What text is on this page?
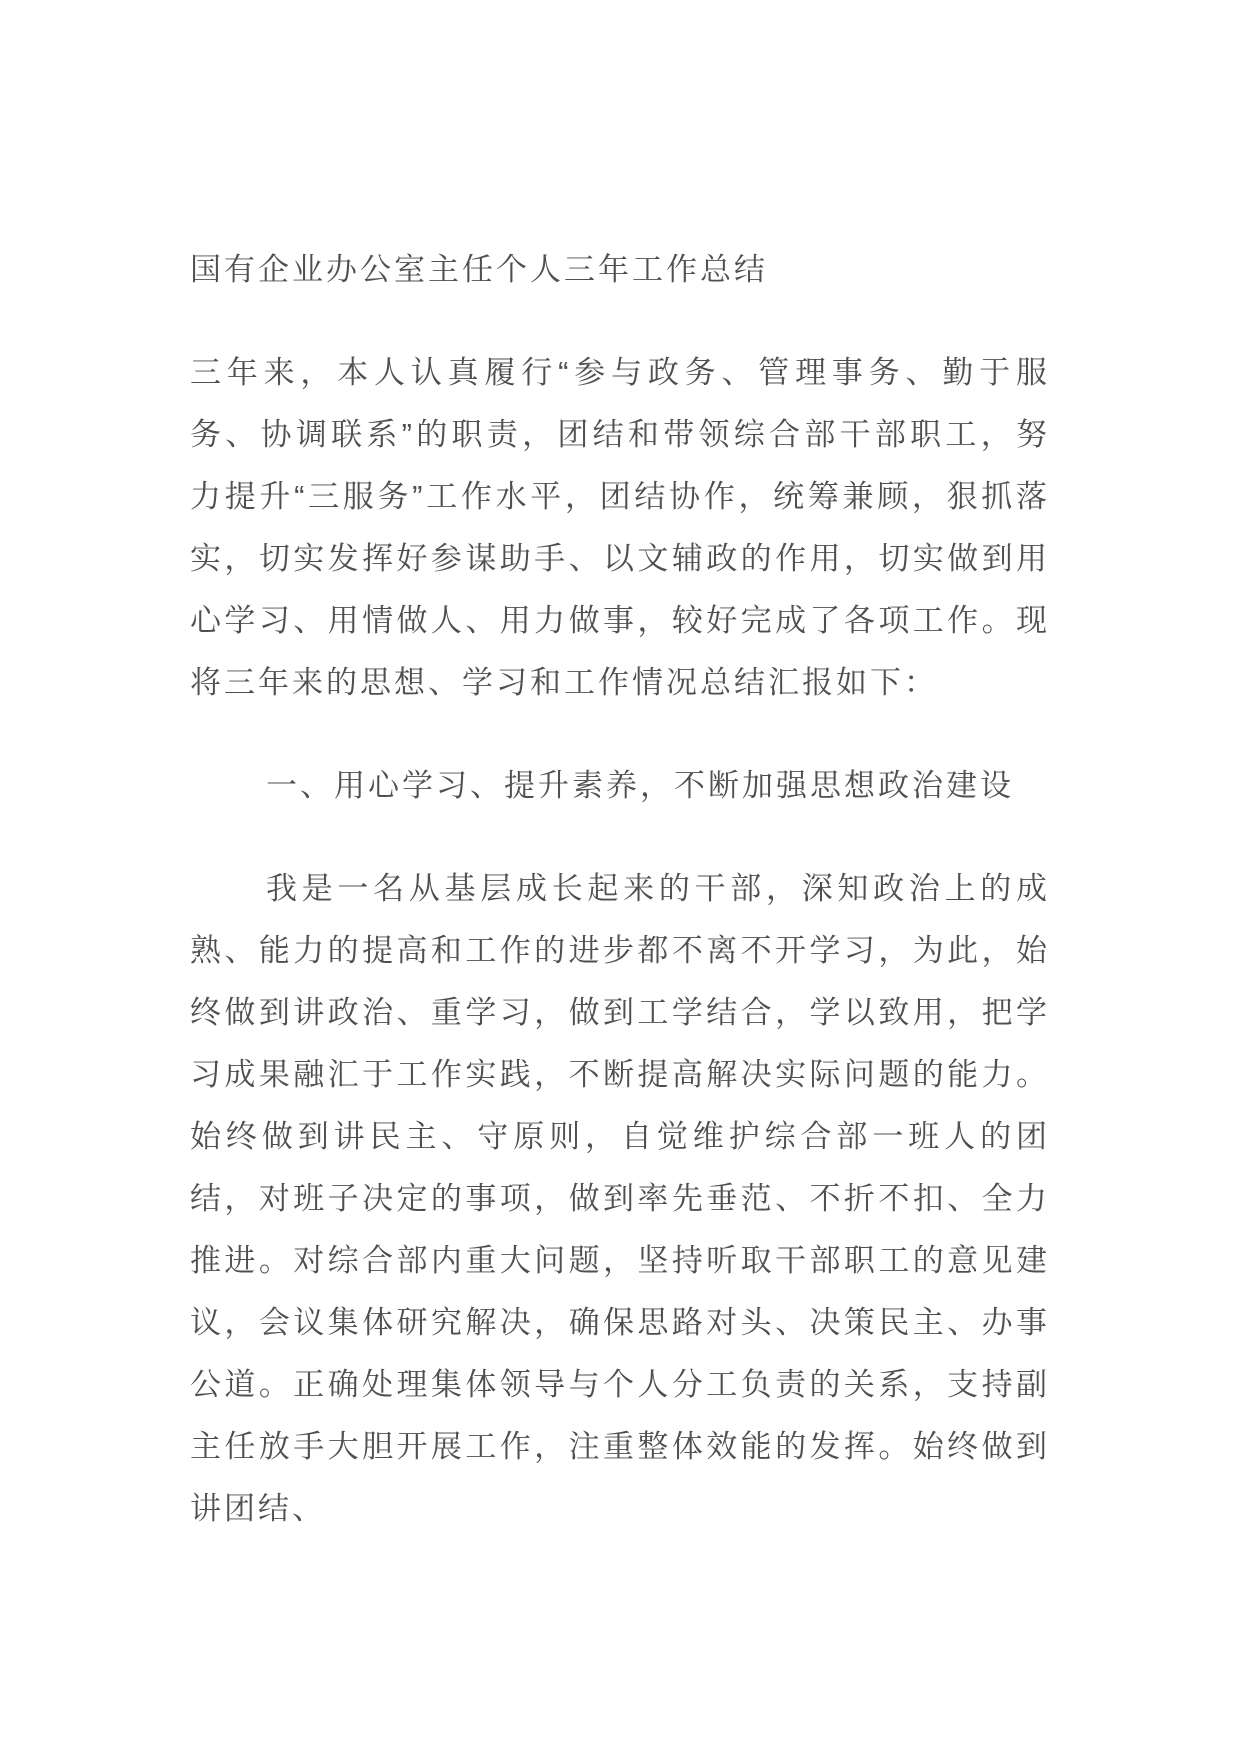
国有企业办公室主任个人三年工作总结

三年来，本人认真履行“参与政务、管理事务、勤于服务、协调联系”的职责，团结和带领综合部干部职工，努力提升“三服务”工作水平，团结协作，统筹兼顾，狠抓落实，切实发挥好参谋助手、以文辅政的作用，切实做到用心学习、用情做人、用力做事，较好完成了各项工作。现将三年来的思想、学习和工作情况总结汇报如下：

一、用心学习、提升素养，不断加强思想政治建设

我是一名从基层成长起来的干部，深知政治上的成熟、能力的提高和工作的进步都不离不开学习，为此，始终做到讲政治、重学习，做到工学结合，学以致用，把学习成果融汇于工作实践，不断提高解决实际问题的能力。始终做到讲民主、守原则，自觉维护综合部一班人的团结，对班子决定的事项，做到率先垂范、不折不扣、全力推进。对综合部内重大问题，坚持听取干部职工的意见建议，会议集体研究解决，确保思路对头、决策民主、办事公道。正确处理集体领导与个人分工负责的关系，支持副主任放手大胆开展工作，注重整体效能的发挥。始终做到讲团结、
